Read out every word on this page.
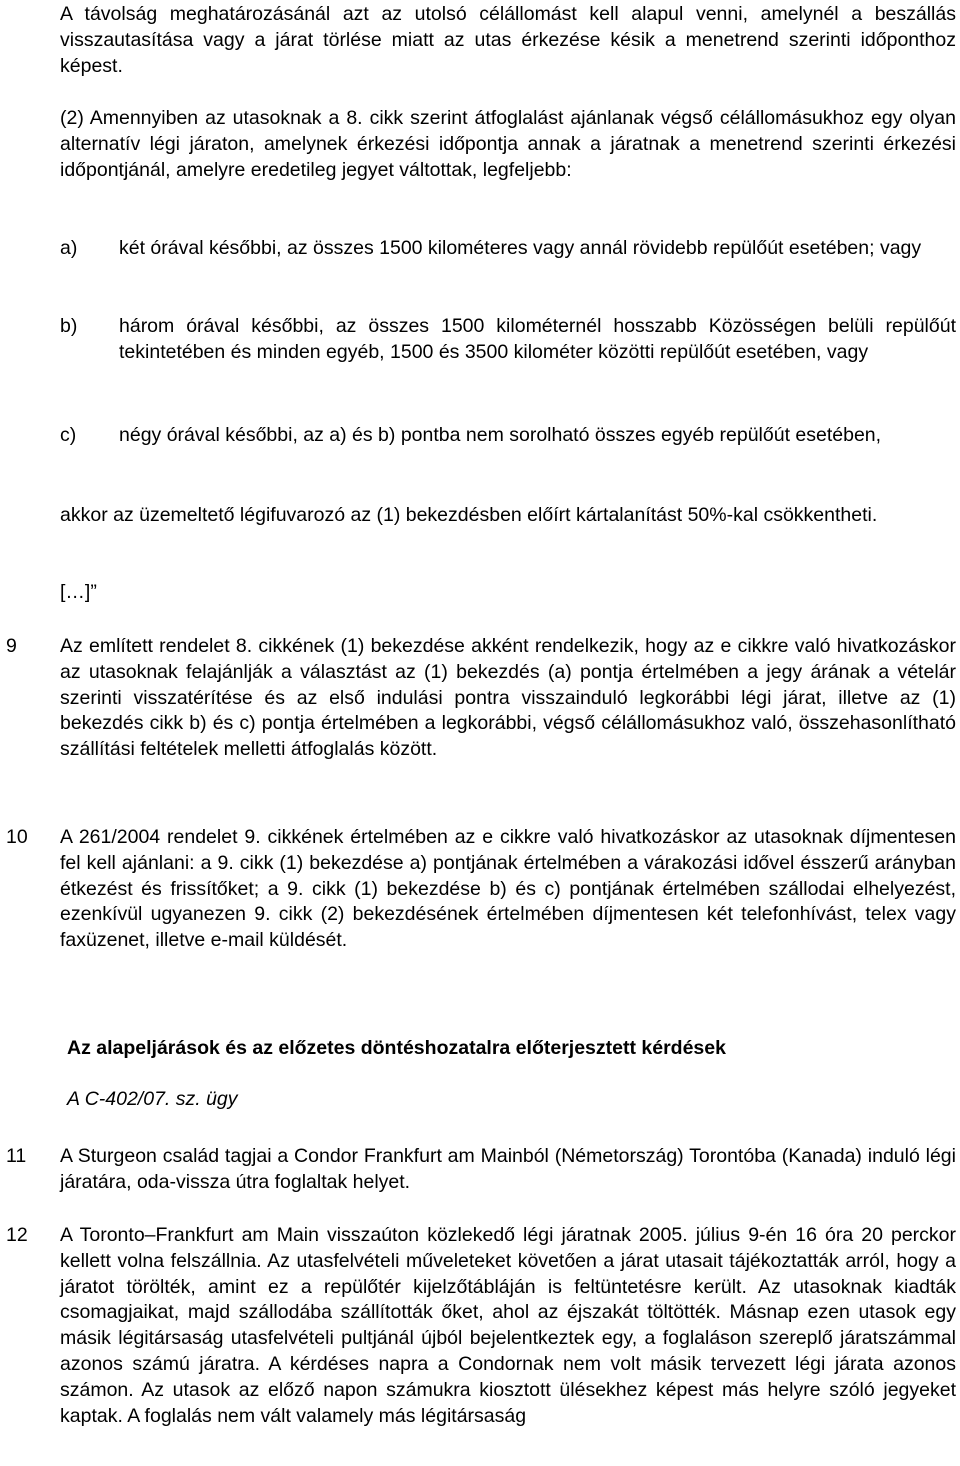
A távolság meghatározásánál azt az utolsó célállomást kell alapul venni, amelynél a beszállás visszautasítása vagy a járat törlése miatt az utas érkezése késik a menetrend szerinti időponthoz képest.

(2) Amennyiben az utasoknak a 8. cikk szerint átfoglalást ajánlanak végső célállomásukhoz egy olyan alternatív légi járaton, amelynek érkezési időpontja annak a járatnak a menetrend szerinti érkezési időpontjánál, amelyre eredetileg jegyet váltottak, legfeljebb:

a) két órával későbbi, az összes 1500 kilométeres vagy annál rövidebb repülőút esetében; vagy

b) három órával későbbi, az összes 1500 kilométernél hosszabb Közösségen belüli repülőút tekintetében és minden egyéb, 1500 és 3500 kilométer közötti repülőút esetében, vagy

c) négy órával későbbi, az a) és b) pontba nem sorolható összes egyéb repülőút esetében,

akkor az üzemeltető légifuvarozó az (1) bekezdésben előírt kártalanítást 50%-kal csökkentheti.

[…]”

9 Az említett rendelet 8. cikkének (1) bekezdése akként rendelkezik, hogy az e cikkre való hivatkozáskor az utasoknak felajánlják a választást az (1) bekezdés (a) pontja értelmében a jegy árának a vételár szerinti visszatérítése és az első indulási pontra visszainduló legkorábbi légi járat, illetve az (1) bekezdés cikk b) és c) pontja értelmében a legkorábbi, végső célállomásukhoz való, összehasonlítható szállítási feltételek melletti átfoglalás között.

10 A 261/2004 rendelet 9. cikkének értelmében az e cikkre való hivatkozáskor az utasoknak díjmentesen fel kell ajánlani: a 9. cikk (1) bekezdése a) pontjának értelmében a várakozási idővel ésszerű arányban étkezést és frissítőket; a 9. cikk (1) bekezdése b) és c) pontjának értelmében szállodai elhelyezést, ezenkívül ugyanezen 9. cikk (2) bekezdésének értelmében díjmentesen két telefonhívást, telex vagy faxüzenet, illetve e-mail küldését.

Az alapeljárások és az előzetes döntéshozatalra előterjesztett kérdések

A C-402/07. sz. ügy

11 A Sturgeon család tagjai a Condor Frankfurt am Mainból (Németország) Torontóba (Kanada) induló légi járatára, oda-vissza útra foglaltak helyet.

12 A Toronto–Frankfurt am Main visszaúton közlekedő légi járatnak 2005. július 9-én 16 óra 20 perckor kellett volna felszállnia. Az utasfelvételi műveleteket követően a járat utasait tájékoztatták arról, hogy a járatot törölték, amint ez a repülőtér kijelzőtábláján is feltüntetésre került. Az utasoknak kiadták csomagjaikat, majd szállodába szállították őket, ahol az éjszakát töltötték. Másnap ezen utasok egy másik légitársaság utasfelvételi pultjánál újból bejelentkeztek egy, a foglaláson szereplő járatszámmal azonos számú járatra. A kérdéses napra a Condornak nem volt másik tervezett légi járata azonos számon. Az utasok az előző napon számukra kiosztott ülésekhez képest más helyre szóló jegyeket kaptak. A foglalás nem vált valamely más légitársaság
